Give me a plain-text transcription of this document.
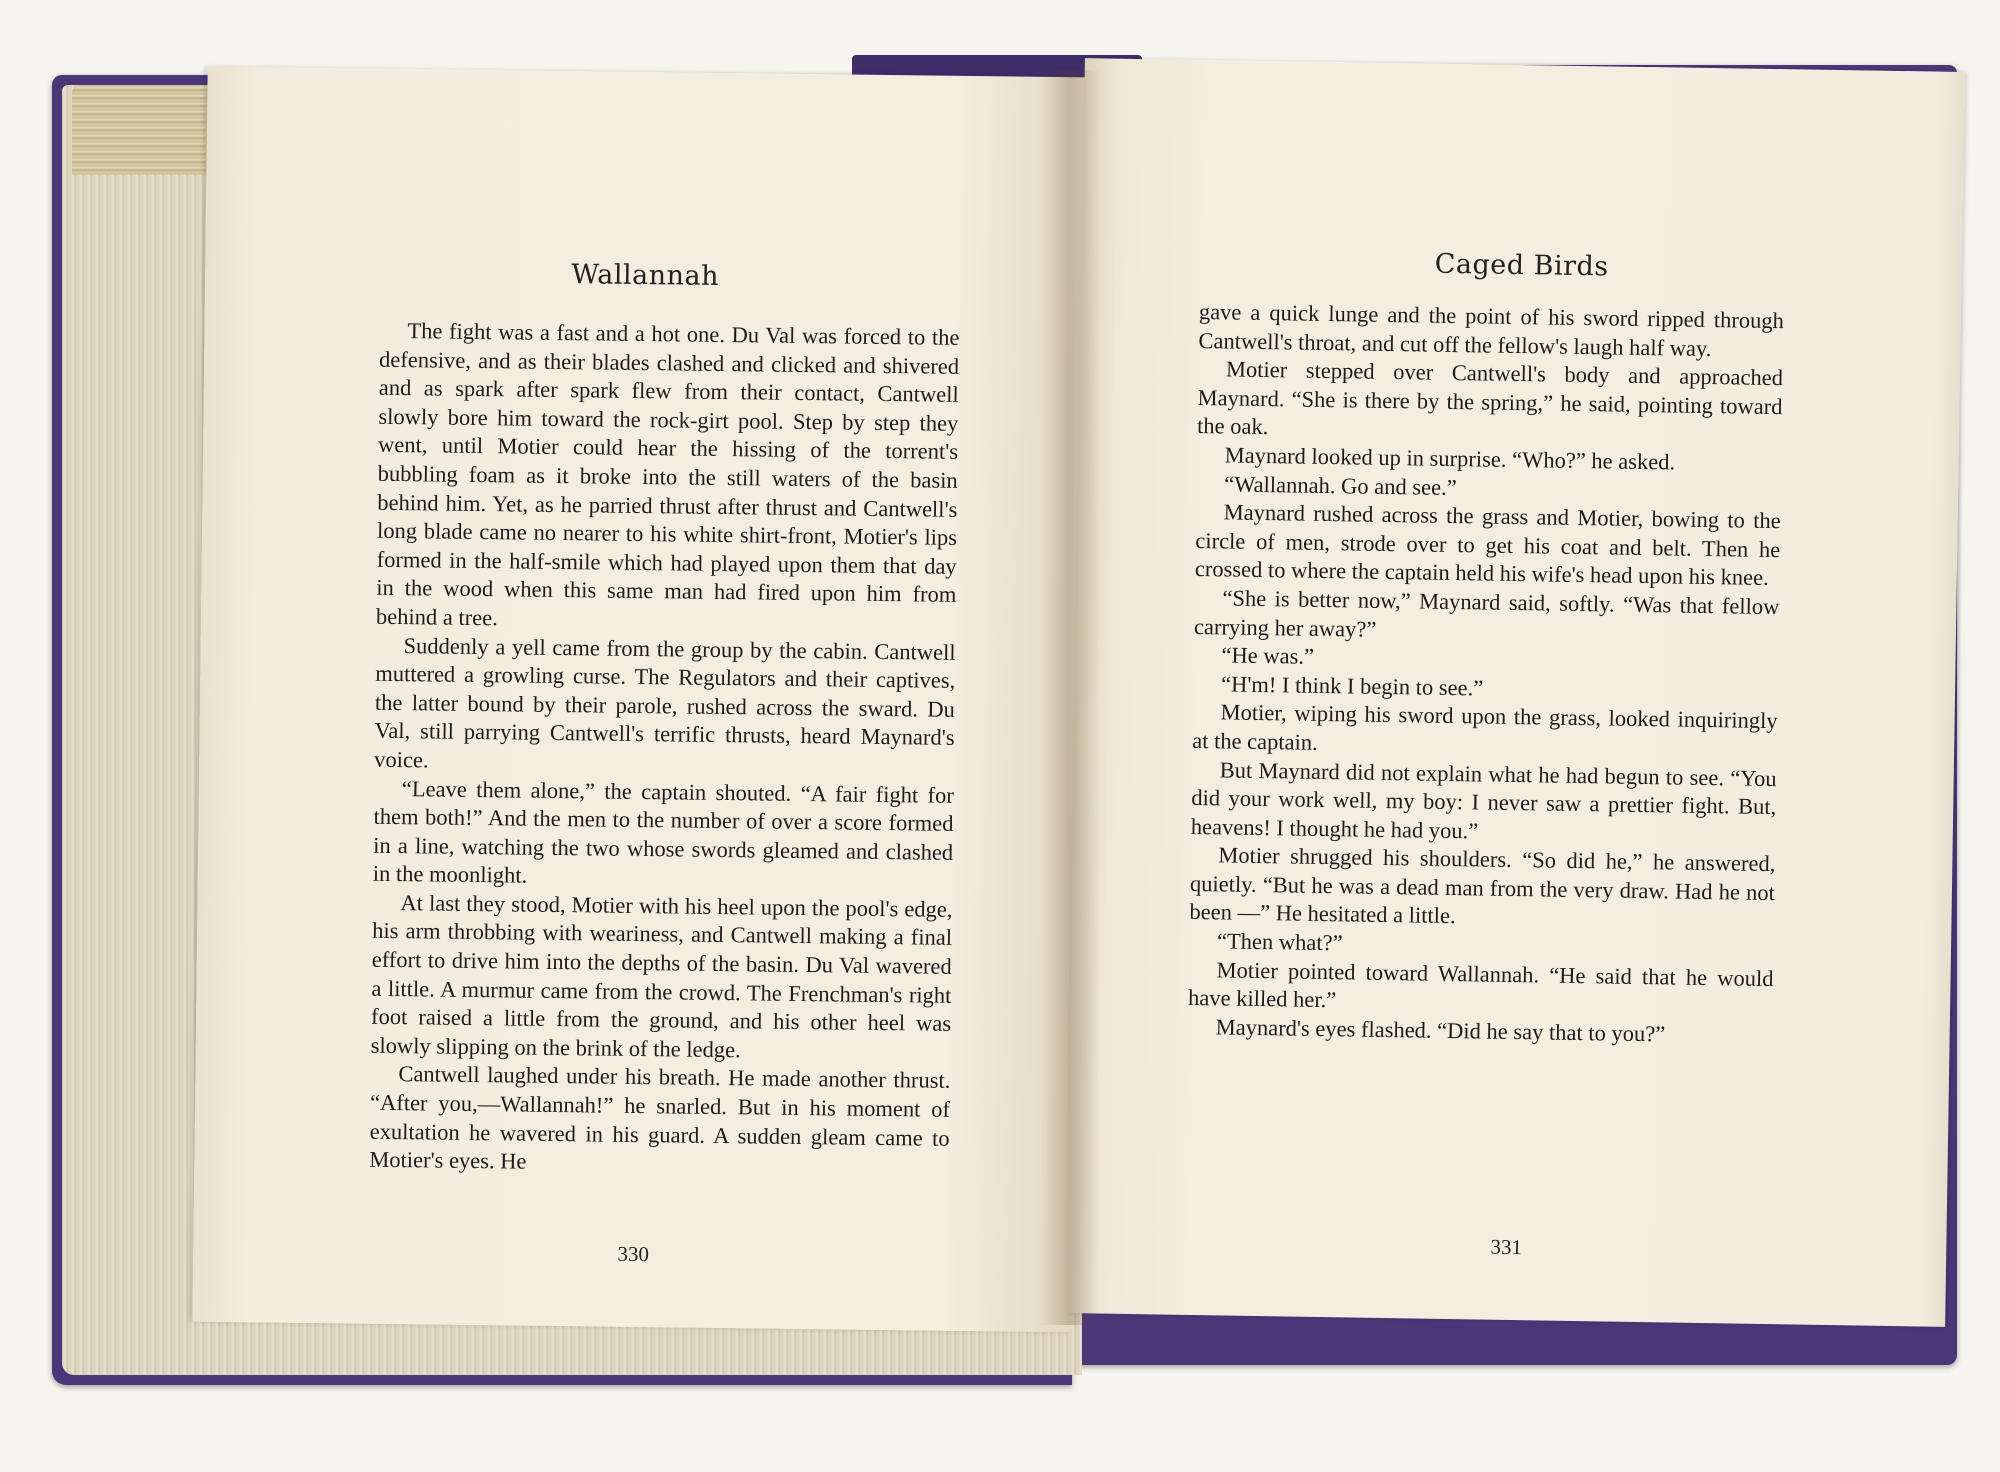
Wallannah

The fight was a fast and a hot one. Du Val was forced to the defensive, and as their blades clashed and clicked and shivered and as spark after spark flew from their contact, Cantwell slowly bore him toward the rock-girt pool. Step by step they went, until Motier could hear the hissing of the torrent's bubbling foam as it broke into the still waters of the basin behind him. Yet, as he parried thrust after thrust and Cantwell's long blade came no nearer to his white shirt-front, Motier's lips formed in the half-smile which had played upon them that day in the wood when this same man had fired upon him from behind a tree.

Suddenly a yell came from the group by the cabin. Cantwell muttered a growling curse. The Regulators and their captives, the latter bound by their parole, rushed across the sward. Du Val, still parrying Cantwell's terrific thrusts, heard Maynard's voice.

“Leave them alone,” the captain shouted. “A fair fight for them both!” And the men to the number of over a score formed in a line, watching the two whose swords gleamed and clashed in the moonlight.

At last they stood, Motier with his heel upon the pool's edge, his arm throbbing with weariness, and Cantwell making a final effort to drive him into the depths of the basin. Du Val wavered a little. A murmur came from the crowd. The Frenchman's right foot raised a little from the ground, and his other heel was slowly slipping on the brink of the ledge.

Cantwell laughed under his breath. He made another thrust. “After you,—Wallannah!” he snarled. But in his moment of exultation he wavered in his guard. A sudden gleam came to Motier's eyes. He

330
Caged Birds

gave a quick lunge and the point of his sword ripped through Cantwell's throat, and cut off the fellow's laugh half way.

Motier stepped over Cantwell's body and approached Maynard. “She is there by the spring,” he said, pointing toward the oak.

Maynard looked up in surprise. “Who?” he asked.

“Wallannah. Go and see.”

Maynard rushed across the grass and Motier, bowing to the circle of men, strode over to get his coat and belt. Then he crossed to where the captain held his wife's head upon his knee.

“She is better now,” Maynard said, softly. “Was that fellow carrying her away?”

“He was.”

“H'm! I think I begin to see.”

Motier, wiping his sword upon the grass, looked inquiringly at the captain.

But Maynard did not explain what he had begun to see. “You did your work well, my boy: I never saw a prettier fight. But, heavens! I thought he had you.”

Motier shrugged his shoulders. “So did he,” he answered, quietly. “But he was a dead man from the very draw. Had he not been —” He hesitated a little.

“Then what?”

Motier pointed toward Wallannah. “He said that he would have killed her.”

Maynard's eyes flashed. “Did he say that to you?”

331
